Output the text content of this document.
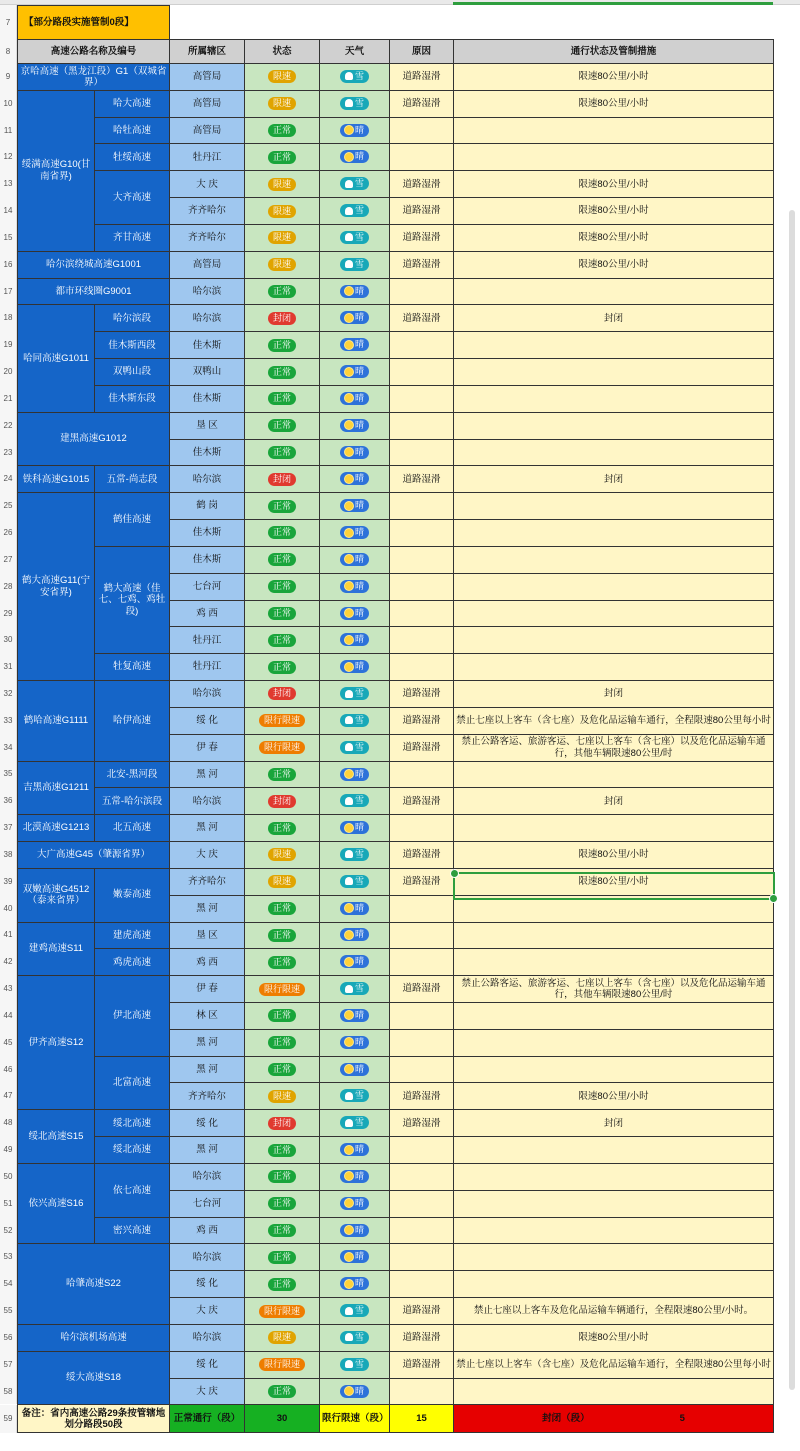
7
8
9
10
11
12
13
14
15
16
17
18
19
20
21
22
23
24
25
26
27
28
29
30
31
32
33
34
35
36
37
38
39
40
41
42
43
44
45
46
47
48
49
50
51
52
53
54
55
56
57
58
59
【部分路段实施管制0段】						
高速公路名称及编号		所属辖区	状态	天气	原因	通行状态及管制措施
京哈高速（黑龙江段）G1（双城省界）		高管局	限速	雪	道路湿滑	限速80公里/小时
绥满高速G10(甘南省界)	哈大高速	高管局	限速	雪	道路湿滑	限速80公里/小时
	哈牡高速	高管局	正常	晴		

	牡绥高速	牡丹江	正常	晴		

	大齐高速	大 庆	限速	雪	道路湿滑	限速80公里/小时
		齐齐哈尔	限速	雪	道路湿滑	限速80公里/小时
	齐甘高速	齐齐哈尔	限速	雪	道路湿滑	限速80公里/小时
哈尔滨绕城高速G1001		高管局	限速	雪	道路湿滑	限速80公里/小时
都市环线圈G9001		哈尔滨	正常	晴		

哈同高速G1011	哈尔滨段	哈尔滨	封闭	晴	道路湿滑	封闭
	佳木斯西段	佳木斯	正常	晴		

	双鸭山段	双鸭山	正常	晴		

	佳木斯东段	佳木斯	正常	晴		

建黑高速G1012		垦 区	正常	晴		

		佳木斯	正常	晴		

铁科高速G1015	五常-尚志段	哈尔滨	封闭	晴	道路湿滑	封闭
鹤大高速G11(宁安省界)	鹤佳高速	鹤 岗	正常	晴		

		佳木斯	正常	晴		

	鹤大高速（佳七、七鸡、鸡牡段)	佳木斯	正常	晴		

		七台河	正常	晴		

		鸡 西	正常	晴		

		牡丹江	正常	晴		

	牡复高速	牡丹江	正常	晴		

鹤哈高速G1111	哈伊高速	哈尔滨	封闭	雪	道路湿滑	封闭
		绥 化	限行限速	雪	道路湿滑	禁止七座以上客车（含七座）及危化品运输车通行，全程限速80公里每小时
		伊 春	限行限速	雪	道路湿滑	禁止公路客运、旅游客运、七座以上客车（含七座）以及危化品运输车通行，其他车辆限速80公里/时
吉黑高速G1211	北安-黑河段	黑 河	正常	晴		

	五常-哈尔滨段	哈尔滨	封闭	雪	道路湿滑	封闭
北漠高速G1213	北五高速	黑 河	正常	晴		

大广高速G45（肇源省界）		大 庆	限速	雪	道路湿滑	限速80公里/小时
双嫩高速G4512（泰来省界）	嫩泰高速	齐齐哈尔	限速	雪	道路湿滑	限速80公里/小时
		黑 河	正常	晴		

建鸡高速S11	建虎高速	垦 区	正常	晴		

	鸡虎高速	鸡 西	正常	晴		

伊齐高速S12	伊北高速	伊 春	限行限速	雪	道路湿滑	禁止公路客运、旅游客运、七座以上客车（含七座）以及危化品运输车通行，其他车辆限速80公里/时
		林 区	正常	晴		

		黑 河	正常	晴		

	北富高速	黑 河	正常	晴		

		齐齐哈尔	限速	雪	道路湿滑	限速80公里/小时
绥北高速S15	绥北高速	绥 化	封闭	雪	道路湿滑	封闭
	绥北高速	黑 河	正常	晴		

依兴高速S16	依七高速	哈尔滨	正常	晴		

		七台河	正常	晴		

	密兴高速	鸡 西	正常	晴		

哈肇高速S22		哈尔滨	正常	晴		

		绥 化	正常	晴		

		大 庆	限行限速	雪	道路湿滑	禁止七座以上客车及危化品运输车辆通行，全程限速80公里/小时。
哈尔滨机场高速		哈尔滨	限速	雪	道路湿滑	限速80公里/小时
绥大高速S18		绥 化	限行限速	雪	道路湿滑	禁止七座以上客车（含七座）及危化品运输车通行，全程限速80公里每小时
		大 庆	正常	晴		

备注：省内高速公路29条按管辖地划分路段50段		正常通行（段）	30	限行限速（段）	15	封闭（段） 5
